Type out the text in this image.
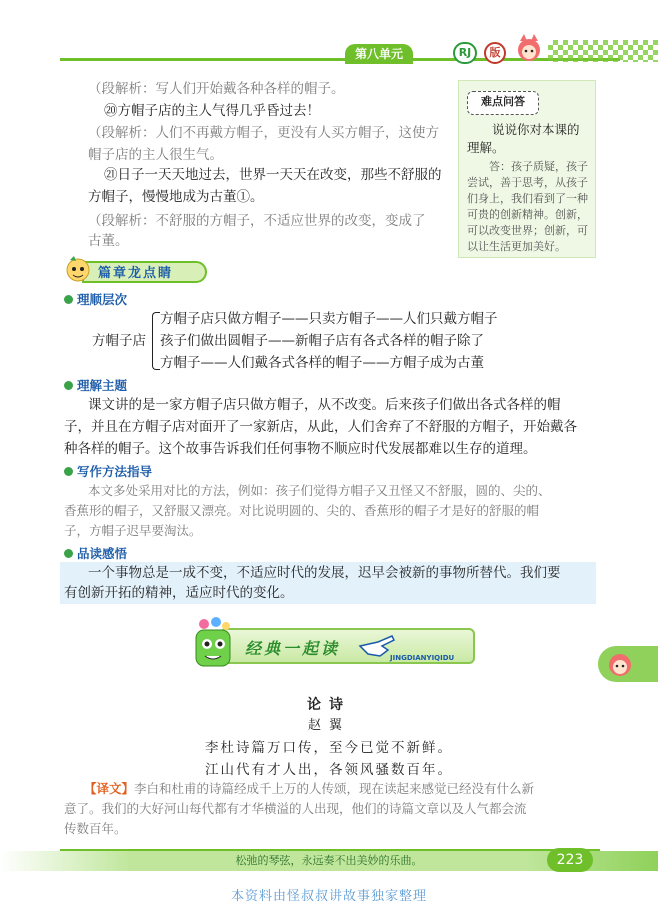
第八单元	RJ	版
（段解析：写人们开始戴各种各样的帽子。
⑳方帽子店的主人气得几乎昏过去！
（段解析：人们不再戴方帽子，更没有人买方帽子，这使方
帽子店的主人很生气。
㉑日子一天天地过去，世界一天天在改变，那些不舒服的
方帽子，慢慢地成为古董①。
（段解析：不舒服的方帽子，不适应世界的改变，变成了
古董。
难点问答
说说你对本课的理解。
答：孩子质疑，孩子尝试，善于思考，从孩子们身上，我们看到了一种可贵的创新精神。创新，可以改变世界；创新，可以让生活更加美好。
篇章龙点睛
理顺层次
方帽子店
方帽子店只做方帽子——只卖方帽子——人们只戴方帽子
孩子们做出圆帽子——新帽子店有各式各样的帽子除了
方帽子——人们戴各式各样的帽子——方帽子成为古董
理解主题
课文讲的是一家方帽子店只做方帽子，从不改变。后来孩子们做出各式各样的帽
子，并且在方帽子店对面开了一家新店，从此，人们舍弃了不舒服的方帽子，开始戴各
种各样的帽子。这个故事告诉我们任何事物不顺应时代发展都难以生存的道理。
写作方法指导
本文多处采用对比的方法，例如：孩子们觉得方帽子又丑怪又不舒服，圆的、尖的、
香蕉形的帽子，又舒服又漂亮。对比说明圆的、尖的、香蕉形的帽子才是好的舒服的帽
子，方帽子迟早要淘汰。
品读感悟
一个事物总是一成不变，不适应时代的发展，迟早会被新的事物所替代。我们要
有创新开拓的精神，适应时代的变化。
经典一起读	JINGDIANYIQIDU
论诗
赵翼
李杜诗篇万口传，至今已觉不新鲜。
江山代有才人出，各领风骚数百年。
【译文】李白和杜甫的诗篇经成千上万的人传颂，现在读起来感觉已经没有什么新
意了。我们的大好河山每代都有才华横溢的人出现，他们的诗篇文章以及人气都会流
传数百年。
松弛的琴弦，永远奏不出美妙的乐曲。	223
本资料由怪叔叔讲故事独家整理
